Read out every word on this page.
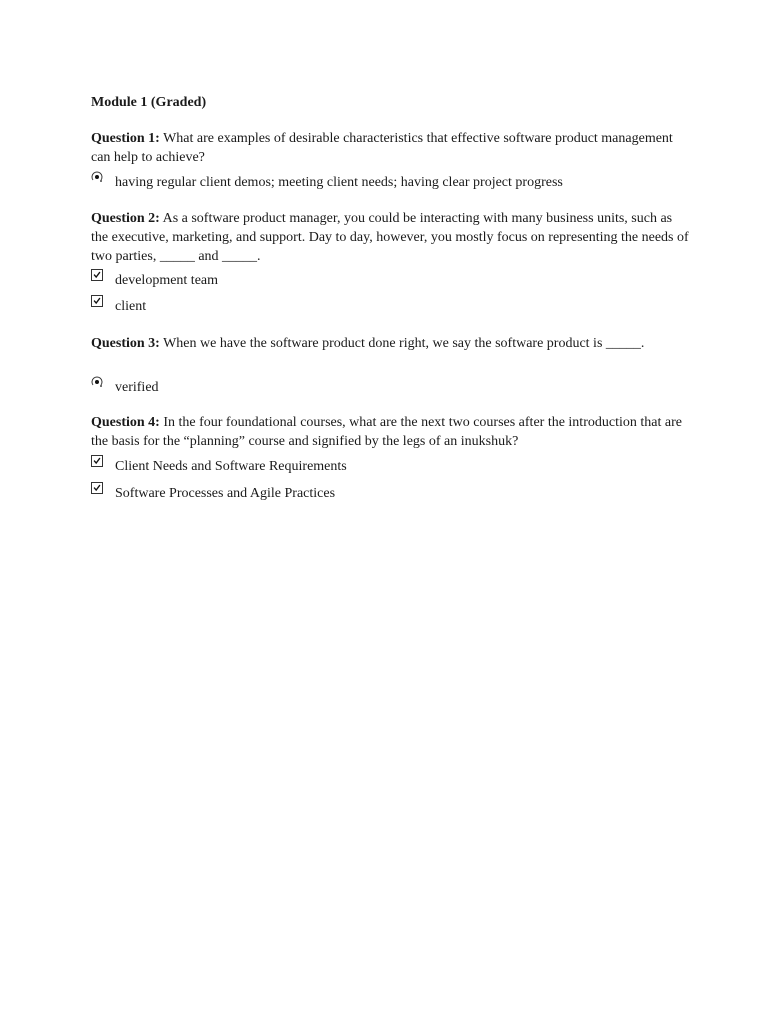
Module 1 (Graded)
Question 1: What are examples of desirable characteristics that effective software product management can help to achieve?
having regular client demos; meeting client needs; having clear project progress
Question 2: As a software product manager, you could be interacting with many business units, such as the executive, marketing, and support. Day to day, however, you mostly focus on representing the needs of two parties, _____ and _____.
development team
client
Question 3: When we have the software product done right, we say the software product is _____.
verified
Question 4: In the four foundational courses, what are the next two courses after the introduction that are the basis for the “planning” course and signified by the legs of an inukshuk?
Client Needs and Software Requirements
Software Processes and Agile Practices
